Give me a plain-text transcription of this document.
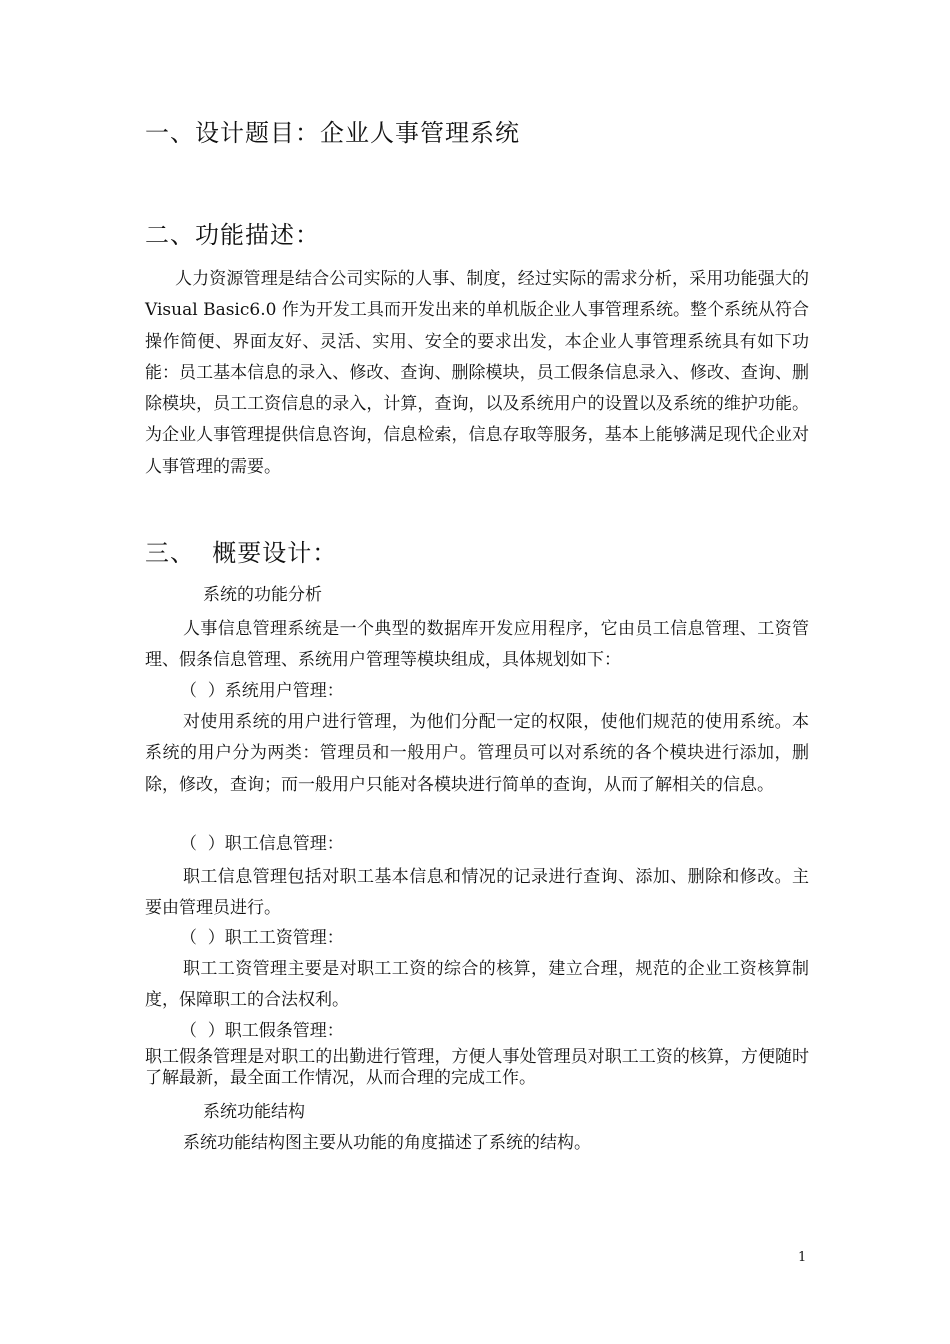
一、设计题目：企业人事管理系统
二、功能描述：
人力资源管理是结合公司实际的人事、制度，经过实际的需求分析，采用功能强大的 Visual Basic6.0 作为开发工具而开发出来的单机版企业人事管理系统。整个系统从符合操作简便、界面友好、灵活、实用、安全的要求出发，本企业人事管理系统具有如下功能：员工基本信息的录入、修改、查询、删除模块，员工假条信息录入、修改、查询、删除模块，员工工资信息的录入，计算，查询，以及系统用户的设置以及系统的维护功能。为企业人事管理提供信息咨询，信息检索，信息存取等服务，基本上能够满足现代企业对人事管理的需要。
三、  概要设计：
系统的功能分析
人事信息管理系统是一个典型的数据库开发应用程序，它由员工信息管理、工资管理、假条信息管理、系统用户管理等模块组成，具体规划如下：
（  ）系统用户管理：
对使用系统的用户进行管理，为他们分配一定的权限，使他们规范的使用系统。本系统的用户分为两类：管理员和一般用户。管理员可以对系统的各个模块进行添加，删除，修改，查询；而一般用户只能对各模块进行简单的查询，从而了解相关的信息。
（  ）职工信息管理：
职工信息管理包括对职工基本信息和情况的记录进行查询、添加、删除和修改。主要由管理员进行。
（  ）职工工资管理：
职工工资管理主要是对职工工资的综合的核算，建立合理，规范的企业工资核算制度，保障职工的合法权利。
（  ）职工假条管理：
职工假条管理是对职工的出勤进行管理，方便人事处管理员对职工工资的核算，方便随时了解最新，最全面工作情况，从而合理的完成工作。
系统功能结构
系统功能结构图主要从功能的角度描述了系统的结构。
1
